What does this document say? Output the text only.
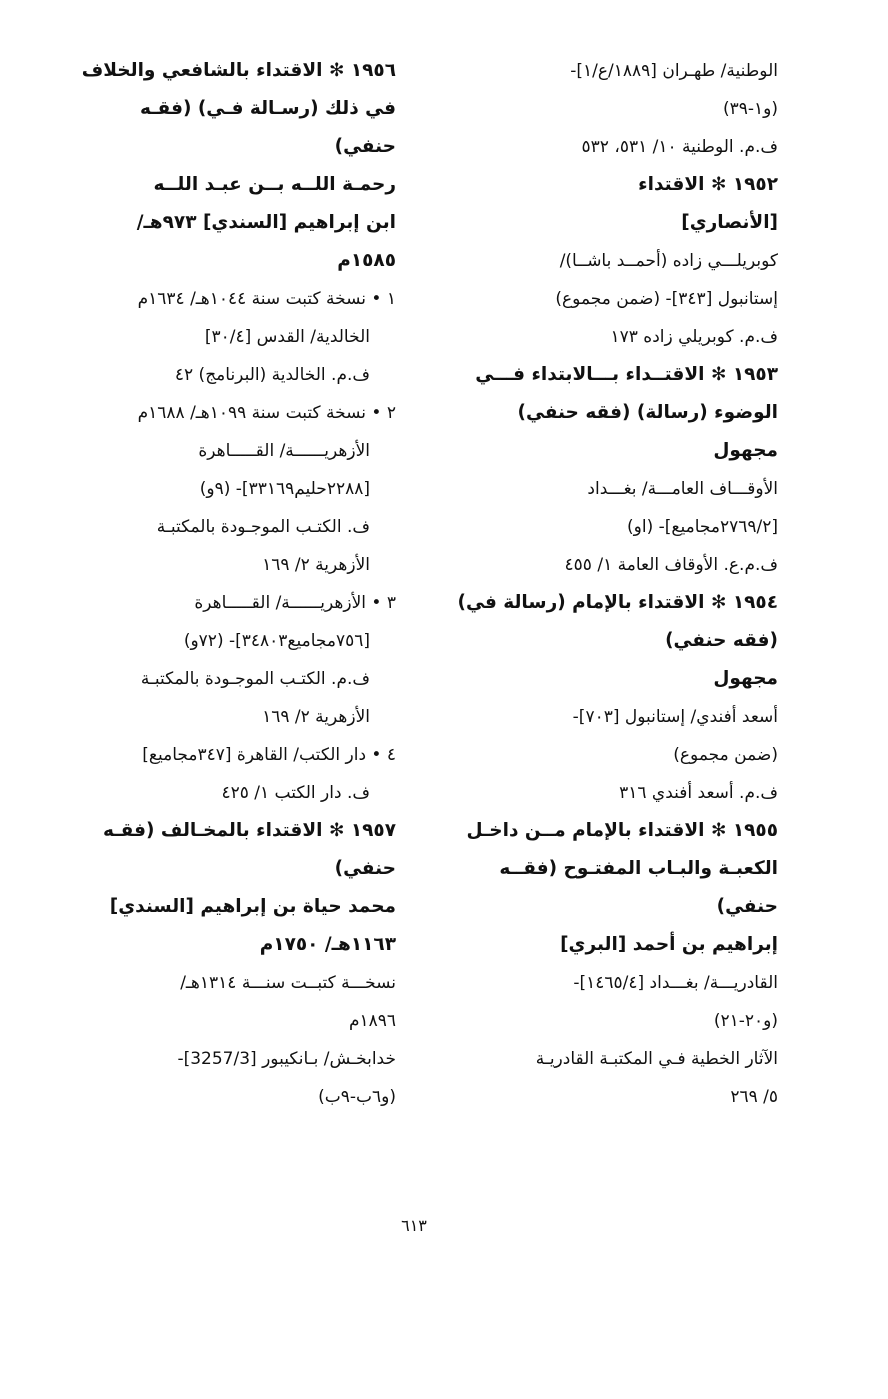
الوطنية/ طهـران [١٨٨٩/ع/١]-
(و١-٣٩)
ف.م. الوطنية ١٠/ ٥٣١، ٥٣٢
١٩٥٢ ✻ الاقتداء
[الأنصاري]
كوبريلـــي زاده (أحمــد باشــا)/
إستانبول [٣٤٣]- (ضمن مجموع)
ف.م. كوبريلي زاده ١٧٣
١٩٥٣ ✻ الاقتــداء بـــالابتداء فـــي
الوضوء (رسالة) (فقه حنفي)
مجهول
الأوقـــاف العامـــة/ بغـــداد
[٢٧٦٩/٢مجاميع]- (او)
ف.م.ع. الأوقاف العامة ١/ ٤٥٥
١٩٥٤ ✻ الاقتداء بالإمام (رسالة في)
(فقه حنفي)
مجهول
أسعد أفندي/ إستانبول [٧٠٣]-
(ضمن مجموع)
ف.م. أسعد أفندي ٣١٦
١٩٥٥ ✻ الاقتداء بالإمام مــن داخـل
الكعبـة والبـاب المفتـوح (فقــه
حنفي)
إبراهيم بن أحمد [البري]
القادريـــة/ بغـــداد [١٤٦٥/٤]-
(و٢٠-٢١)
الآثار الخطية فـي المكتبـة القادريـة
٥/ ٢٦٩
١٩٥٦ ✻ الاقتداء بالشافعي والخلاف
في ذلك (رسـالة فـي) (فقـه
حنفي)
رحمـة اللــه بــن عبـد اللــه
ابن إبراهيم [السندي] ٩٧٣هـ/
١٥٨٥م
١ • نسخة كتبت سنة ١٠٤٤هـ/ ١٦٣٤م
الخالدية/ القدس [٣٠/٤]
ف.م. الخالدية (البرنامج) ٤٢
٢ • نسخة كتبت سنة ١٠٩٩هـ/ ١٦٨٨م
الأزهريــــــة/ القـــــاهرة
[٢٢٨٨حليم٣٣١٦٩]- (٩و)
ف. الكتـب الموجـودة بالمكتبـة
الأزهرية ٢/ ١٦٩
٣ • الأزهريــــــة/ القـــــاهرة
[٧٥٦مجاميع٣٤٨٠٣]- (٧٢و)
ف.م. الكتـب الموجـودة بالمكتبـة
الأزهرية ٢/ ١٦٩
٤ • دار الكتب/ القاهرة [٣٤٧مجاميع]
ف. دار الكتب ١/ ٤٢٥
١٩٥٧ ✻ الاقتداء بالمخـالف (فقـه
حنفي)
محمد حياة بن إبراهيم [السندي]
١١٦٣هـ/ ١٧٥٠م
نسخـــة كتبــت سنـــة ١٣١٤هـ/
١٨٩٦م
خدابخـش/ بـانكيبور [3257/3]-
(و٦ب-٩ب)
٦١٣
